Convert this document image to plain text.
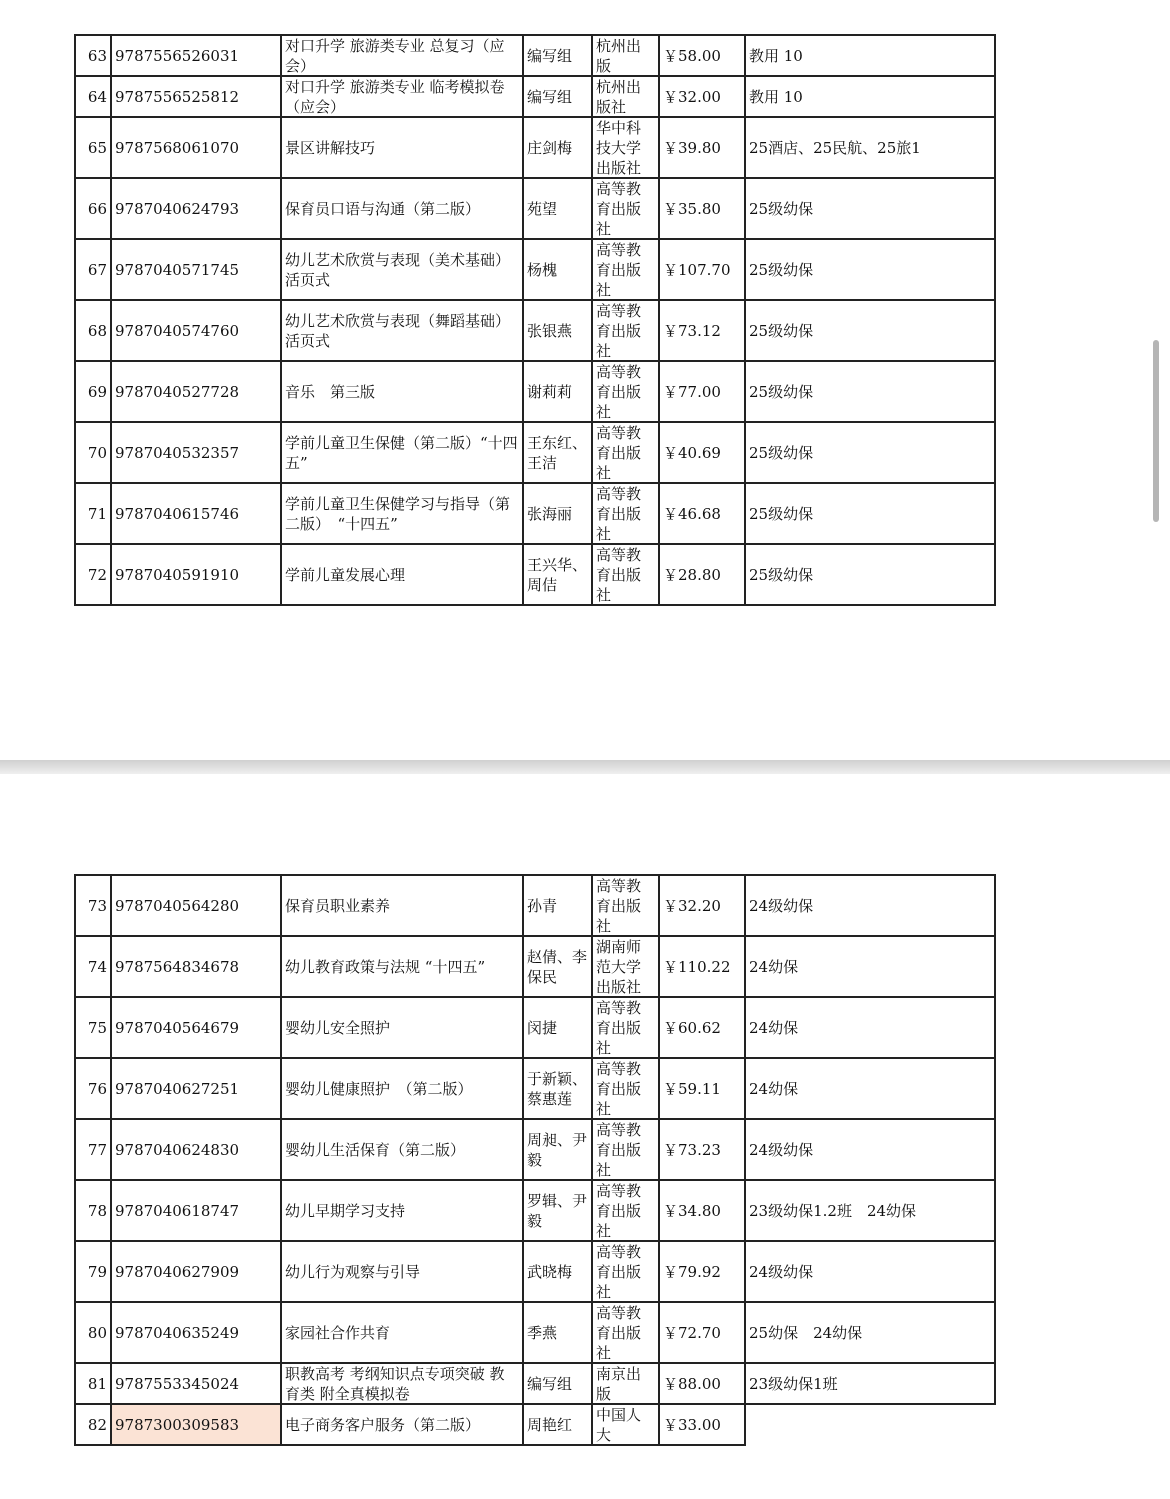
63	9787556526031	对口升学 旅游类专业 总复习（应会）	编写组	杭州出版	￥58.00	教用 10

64	9787556525812	对口升学 旅游类专业 临考模拟卷（应会）	编写组	杭州出版社	￥32.00	教用 10

65	9787568061070	景区讲解技巧	庄剑梅	华中科技大学出版社	￥39.80	25酒店、25民航、25旅1

66	9787040624793	保育员口语与沟通（第二版）	苑望	高等教育出版社	￥35.80	25级幼保

67	9787040571745	幼儿艺术欣赏与表现（美术基础）活页式	杨槐	高等教育出版社	￥107.70	25级幼保

68	9787040574760	幼儿艺术欣赏与表现（舞蹈基础）活页式	张银燕	高等教育出版社	￥73.12	25级幼保

69	9787040527728	音乐　第三版	谢莉莉	高等教育出版社	￥77.00	25级幼保

70	9787040532357	学前儿童卫生保健（第二版）“十四五”	王东红、王洁	高等教育出版社	￥40.69	25级幼保

71	9787040615746	学前儿童卫生保健学习与指导（第二版）　“十四五”	张海丽	高等教育出版社	￥46.68	25级幼保

72	9787040591910	学前儿童发展心理	王兴华、周佶	高等教育出版社	￥28.80	25级幼保
73	9787040564280	保育员职业素养	孙青	高等教育出版社	￥32.20	24级幼保

74	9787564834678	幼儿教育政策与法规 “十四五”	赵倩、李保民	湖南师范大学出版社	￥110.22	24幼保

75	9787040564679	婴幼儿安全照护	闵捷	高等教育出版社	￥60.62	24幼保

76	9787040627251	婴幼儿健康照护　（第二版）	于新颖、蔡惠莲	高等教育出版社	￥59.11	24幼保

77	9787040624830	婴幼儿生活保育（第二版）	周昶、尹毅	高等教育出版社	￥73.23	24级幼保

78	9787040618747	幼儿早期学习支持	罗辑、尹毅	高等教育出版社	￥34.80	23级幼保1.2班　24幼保

79	9787040627909	幼儿行为观察与引导	武晓梅	高等教育出版社	￥79.92	24级幼保

80	9787040635249	家园社合作共育	季燕	高等教育出版社	￥72.70	25幼保　24幼保

81	9787553345024	职教高考 考纲知识点专项突破 教育类 附全真模拟卷	编写组	南京出版	￥88.00	23级幼保1班

82	9787300309583	电子商务客户服务（第二版）	周艳红	中国人大	￥33.00	
